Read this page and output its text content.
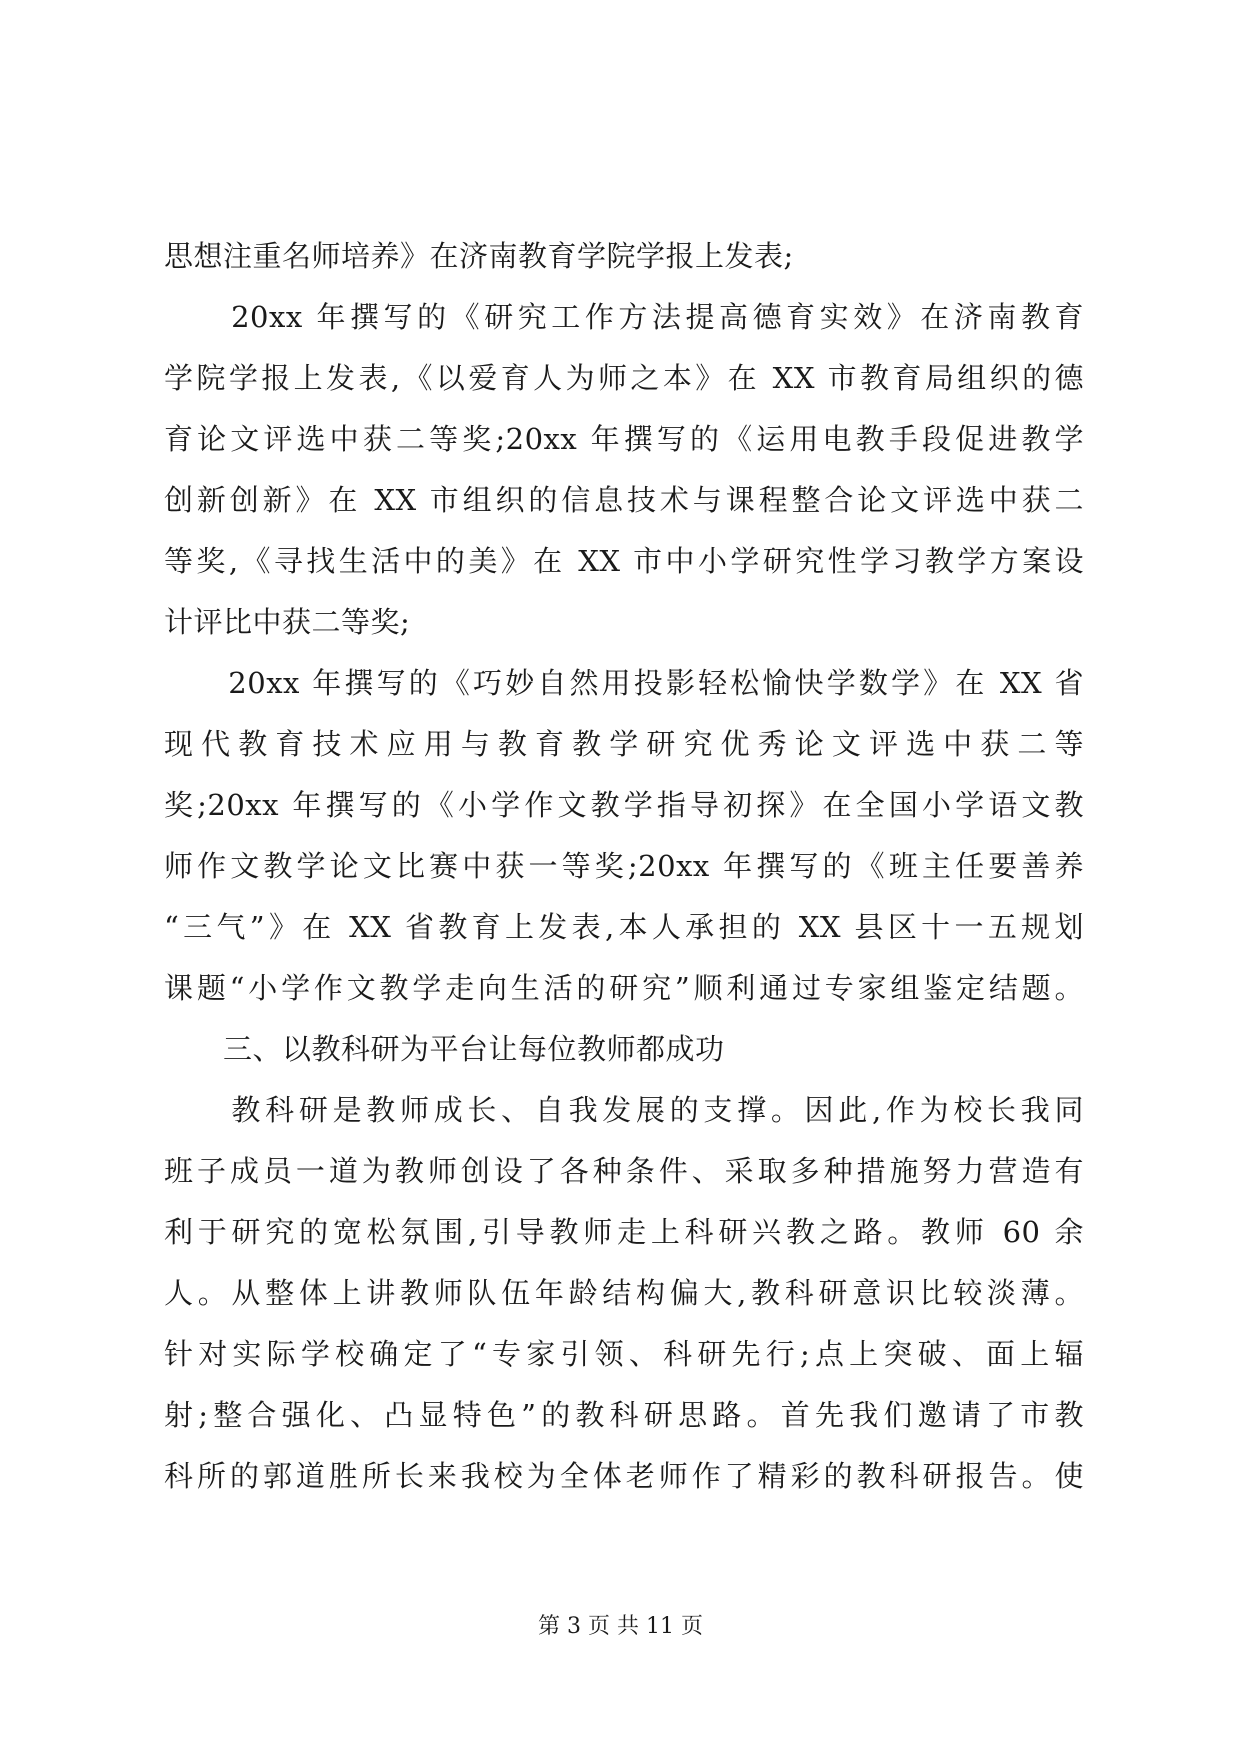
思想注重名师培养》在济南教育学院学报上发表;
　　20xx 年撰写的《研究工作方法提高德育实效》在济南教育
学院学报上发表,《以爱育人为师之本》在 XX 市教育局组织的德
育论文评选中获二等奖;20xx 年撰写的《运用电教手段促进教学
创新创新》在 XX 市组织的信息技术与课程整合论文评选中获二
等奖,《寻找生活中的美》在 XX 市中小学研究性学习教学方案设
计评比中获二等奖;
　　20xx 年撰写的《巧妙自然用投影轻松愉快学数学》在 XX 省
现代教育技术应用与教育教学研究优秀论文评选中获二等
奖;20xx 年撰写的《小学作文教学指导初探》在全国小学语文教
师作文教学论文比赛中获一等奖;20xx 年撰写的《班主任要善养
“三气”》在 XX 省教育上发表,本人承担的 XX 县区十一五规划
课题“小学作文教学走向生活的研究”顺利通过专家组鉴定结题。
　　三、以教科研为平台让每位教师都成功
　　教科研是教师成长、自我发展的支撑。因此,作为校长我同
班子成员一道为教师创设了各种条件、采取多种措施努力营造有
利于研究的宽松氛围,引导教师走上科研兴教之路。教师 60 余
人。从整体上讲教师队伍年龄结构偏大,教科研意识比较淡薄。
针对实际学校确定了“专家引领、科研先行;点上突破、面上辐
射;整合强化、凸显特色”的教科研思路。首先我们邀请了市教
科所的郭道胜所长来我校为全体老师作了精彩的教科研报告。使
第 3 页 共 11 页
